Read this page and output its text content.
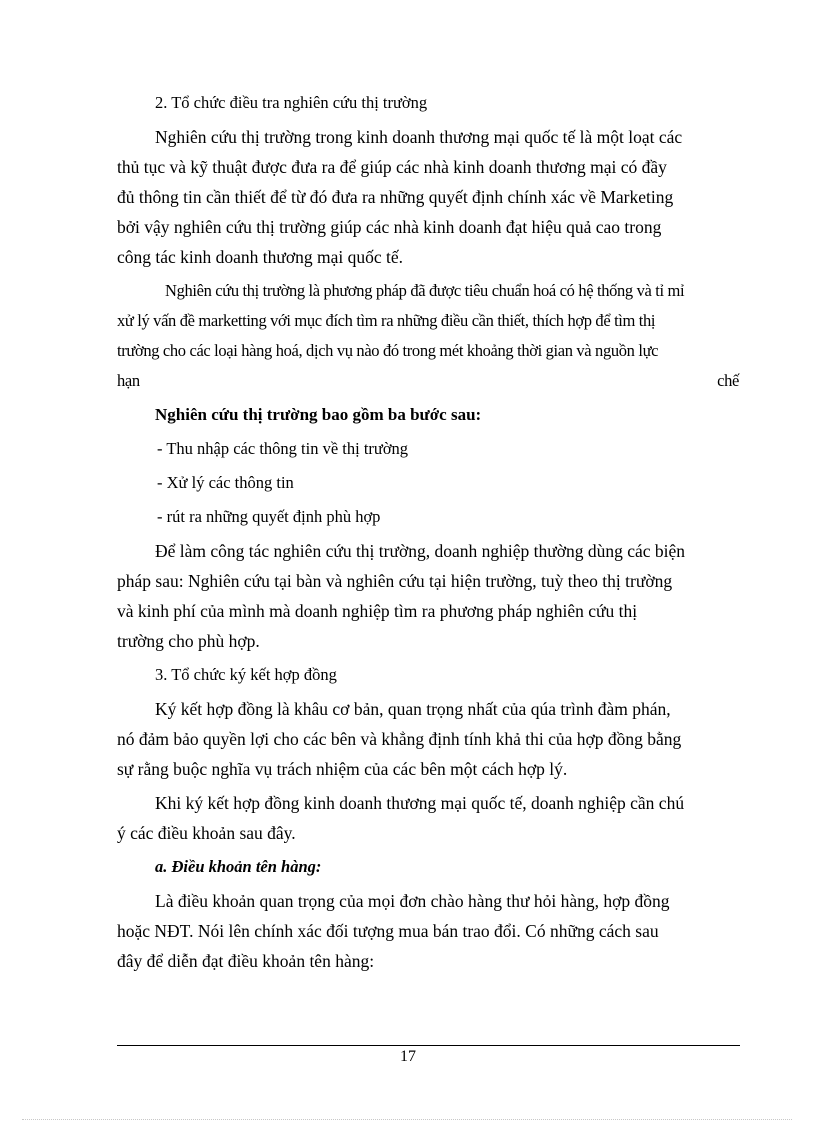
2. Tổ chức điều tra nghiên cứu thị trường
Nghiên cứu thị trường trong kinh doanh thương mại quốc tế là một loạt các
thủ tục và kỹ thuật được đưa ra để giúp các nhà kinh doanh thương mại có đầy
đủ thông tin cần thiết để từ đó đưa ra những quyết định chính xác về Marketing
bởi vậy nghiên cứu thị trường giúp các nhà kinh doanh đạt hiệu quả cao trong
công tác kinh doanh thương mại quốc tế.
Nghiên cứu thị trường là phương pháp đã được tiêu chuẩn hoá có hệ thống và tỉ mỉ
xử lý vấn đề marketting với mục đích tìm ra những điều cần thiết, thích hợp để tìm thị
trường cho các loại hàng hoá, dịch vụ nào đó trong mét khoảng thời gian và nguồn lực
hạn	chế
Nghiên cứu thị trường bao gồm ba bước sau:
- Thu nhập các thông tin về thị trường
- Xử lý các thông tin
- rút ra những quyết định phù hợp
Để làm công tác nghiên cứu thị trường, doanh nghiệp thường dùng các biện
pháp sau: Nghiên cứu tại bàn và nghiên cứu tại hiện trường, tuỳ theo thị trường
và kinh phí của mình mà doanh nghiệp tìm ra phương pháp nghiên cứu thị
trường cho phù hợp.
3. Tổ chức ký kết hợp đồng
Ký kết hợp đồng là khâu cơ bản, quan trọng nhất của qúa trình đàm phán,
nó đảm bảo quyền lợi cho các bên và khẳng định tính khả thi của hợp đồng bằng
sự rằng buộc nghĩa vụ trách nhiệm của các bên một cách hợp lý.
Khi ký kết hợp đồng kinh doanh thương mại quốc tế, doanh nghiệp cần chú
ý các điều khoản sau đây.
a. Điều khoản tên hàng:
Là điều khoản quan trọng của mọi đơn chào hàng thư hỏi hàng, hợp đồng
hoặc NĐT. Nói lên chính xác đối tượng mua bán trao đổi. Có những cách sau
đây để diễn đạt điều khoản tên hàng:
17
